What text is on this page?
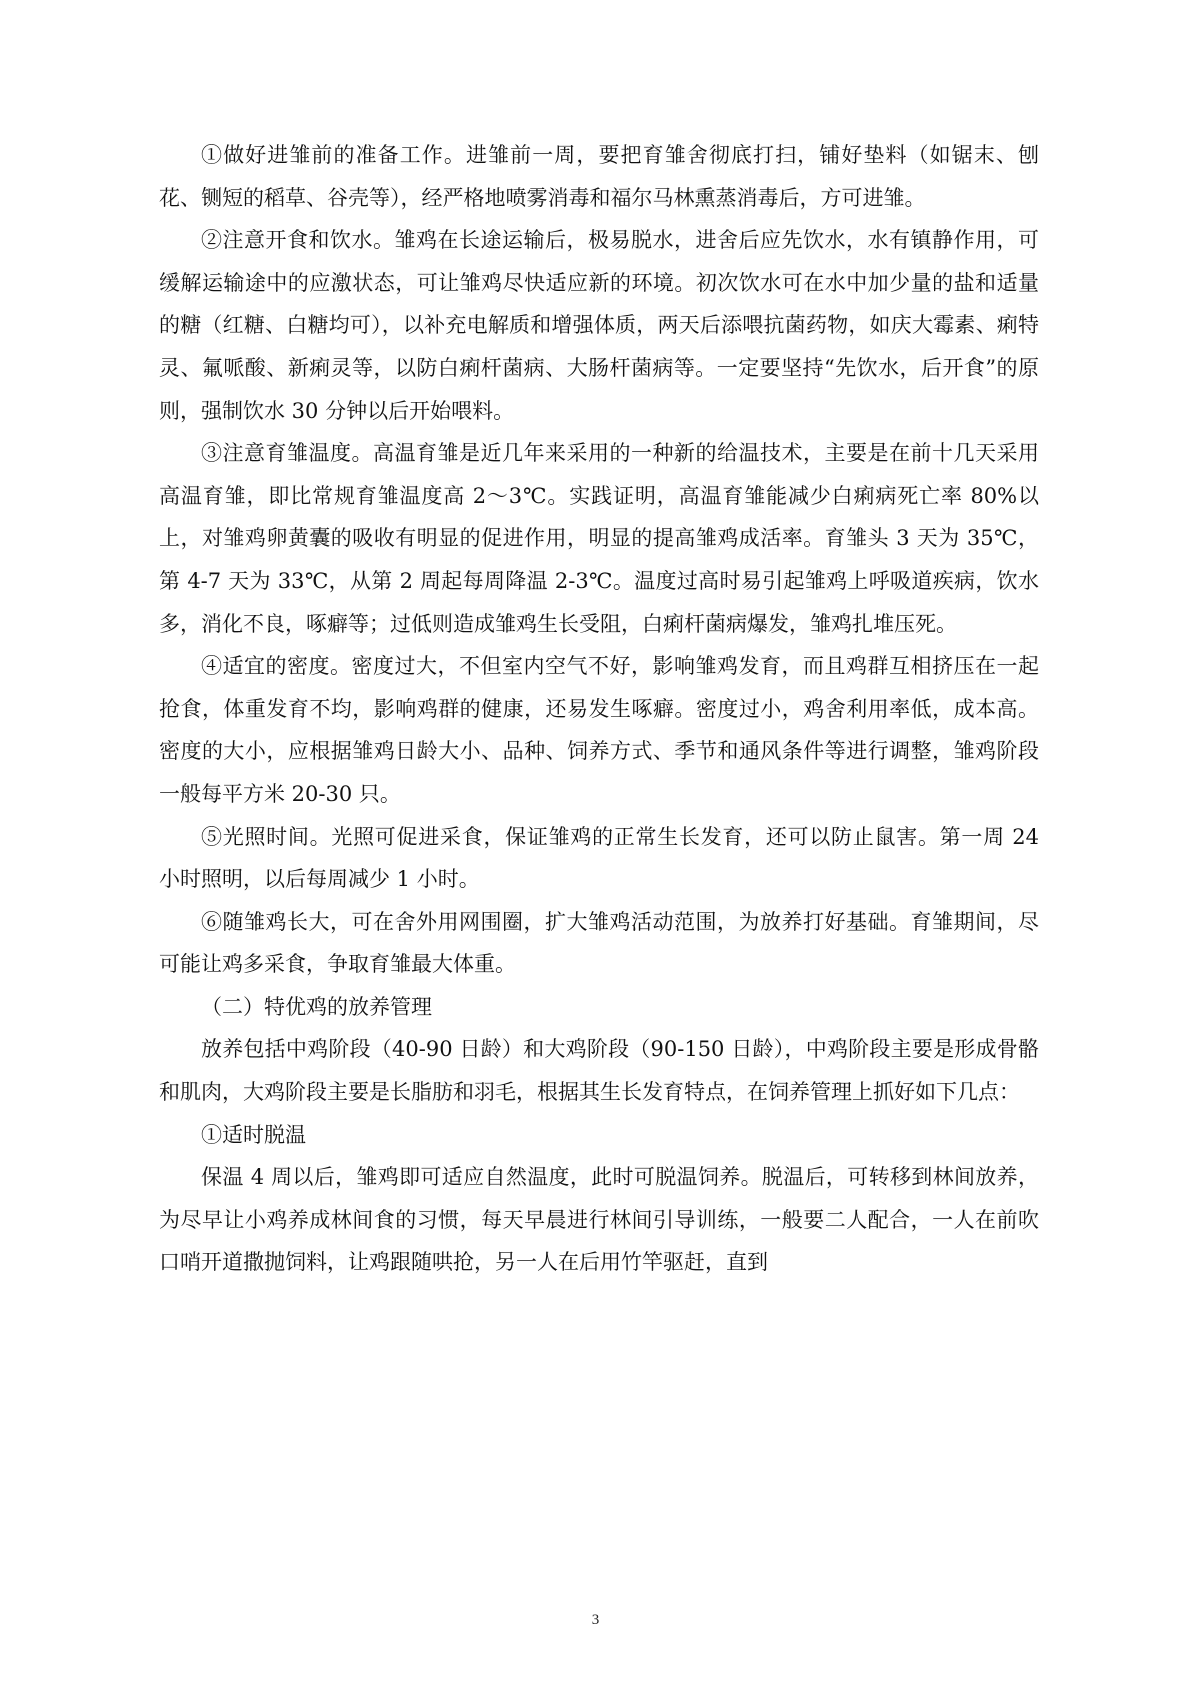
①做好进雏前的准备工作。进雏前一周，要把育雏舍彻底打扫，铺好垫料（如锯末、刨花、铡短的稻草、谷壳等），经严格地喷雾消毒和福尔马林熏蒸消毒后，方可进雏。

②注意开食和饮水。雏鸡在长途运输后，极易脱水，进舍后应先饮水，水有镇静作用，可缓解运输途中的应激状态，可让雏鸡尽快适应新的环境。初次饮水可在水中加少量的盐和适量的糖（红糖、白糖均可），以补充电解质和增强体质，两天后添喂抗菌药物，如庆大霉素、痢特灵、氟哌酸、新痢灵等，以防白痢杆菌病、大肠杆菌病等。一定要坚持“先饮水，后开食”的原则，强制饮水 30 分钟以后开始喂料。

③注意育雏温度。高温育雏是近几年来采用的一种新的给温技术，主要是在前十几天采用高温育雏，即比常规育雏温度高 2～3℃。实践证明，高温育雏能减少白痢病死亡率 80%以上，对雏鸡卵黄囊的吸收有明显的促进作用，明显的提高雏鸡成活率。育雏头 3 天为 35℃，第 4-7 天为 33℃，从第 2 周起每周降温 2-3℃。温度过高时易引起雏鸡上呼吸道疾病，饮水多，消化不良，啄癖等；过低则造成雏鸡生长受阻，白痢杆菌病爆发，雏鸡扎堆压死。

④适宜的密度。密度过大，不但室内空气不好，影响雏鸡发育，而且鸡群互相挤压在一起抢食，体重发育不均，影响鸡群的健康，还易发生啄癖。密度过小，鸡舍利用率低，成本高。密度的大小，应根据雏鸡日龄大小、品种、饲养方式、季节和通风条件等进行调整，雏鸡阶段一般每平方米 20-30 只。

⑤光照时间。光照可促进采食，保证雏鸡的正常生长发育，还可以防止鼠害。第一周 24 小时照明，以后每周减少 1 小时。

⑥随雏鸡长大，可在舍外用网围圈，扩大雏鸡活动范围，为放养打好基础。育雏期间，尽可能让鸡多采食，争取育雏最大体重。

（二）特优鸡的放养管理

放养包括中鸡阶段（40-90 日龄）和大鸡阶段（90-150 日龄），中鸡阶段主要是形成骨骼和肌肉，大鸡阶段主要是长脂肪和羽毛，根据其生长发育特点，在饲养管理上抓好如下几点：

①适时脱温

保温 4 周以后，雏鸡即可适应自然温度，此时可脱温饲养。脱温后，可转移到林间放养，为尽早让小鸡养成林间食的习惯，每天早晨进行林间引导训练，一般要二人配合，一人在前吹口哨开道撒抛饲料，让鸡跟随哄抢，另一人在后用竹竿驱赶，直到

3
